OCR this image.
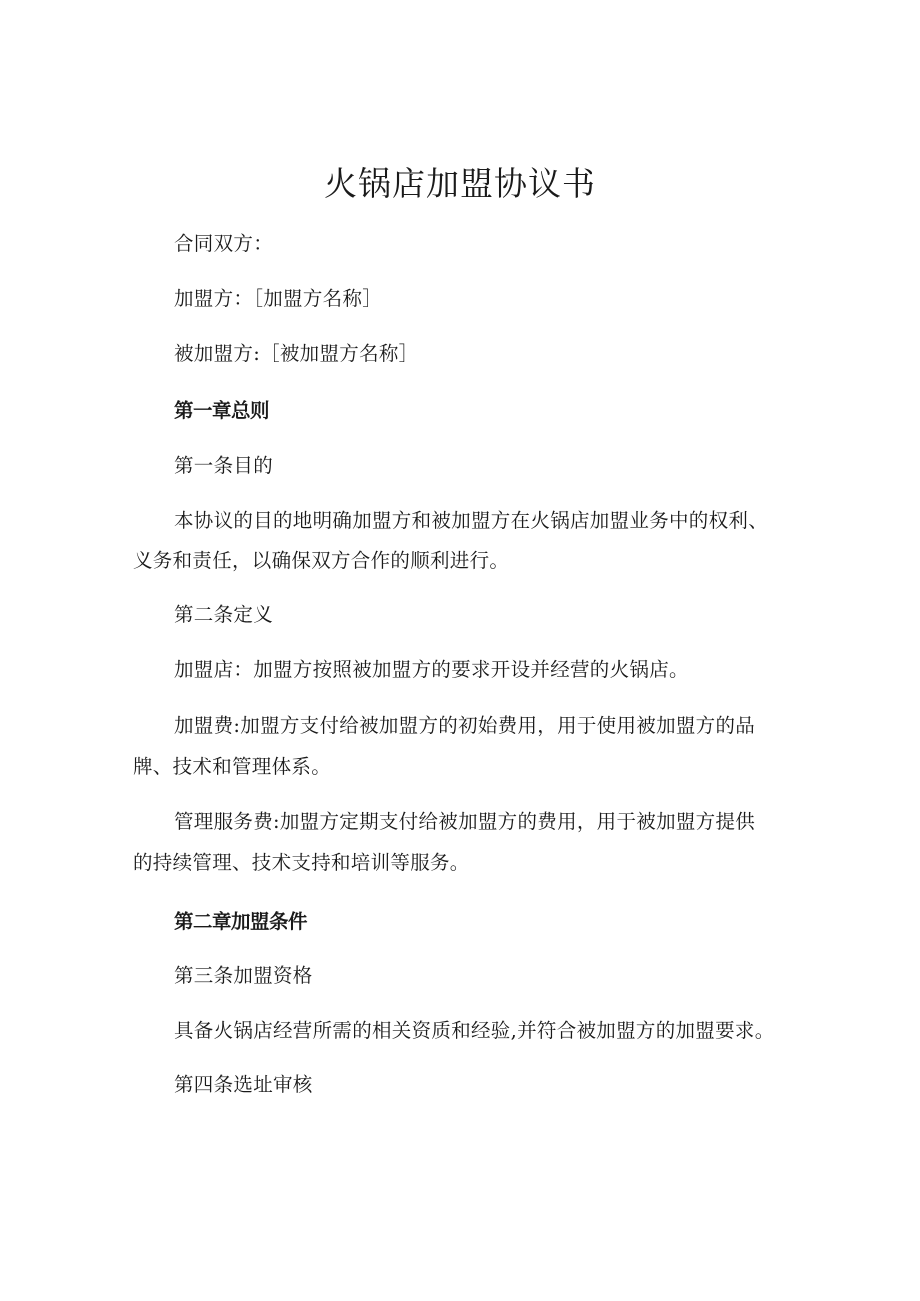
火锅店加盟协议书
合同双方：
加盟方：［加盟方名称］
被加盟方:［被加盟方名称］
第一章总则
第一条目的
本协议的目的地明确加盟方和被加盟方在火锅店加盟业务中的权利、
义务和责任，以确保双方合作的顺利进行。
第二条定义
加盟店：加盟方按照被加盟方的要求开设并经营的火锅店。
加盟费:加盟方支付给被加盟方的初始费用，用于使用被加盟方的品
牌、技术和管理体系。
管理服务费:加盟方定期支付给被加盟方的费用，用于被加盟方提供
的持续管理、技术支持和培训等服务。
第二章加盟条件
第三条加盟资格
具备火锅店经营所需的相关资质和经验,并符合被加盟方的加盟要求。
第四条选址审核
